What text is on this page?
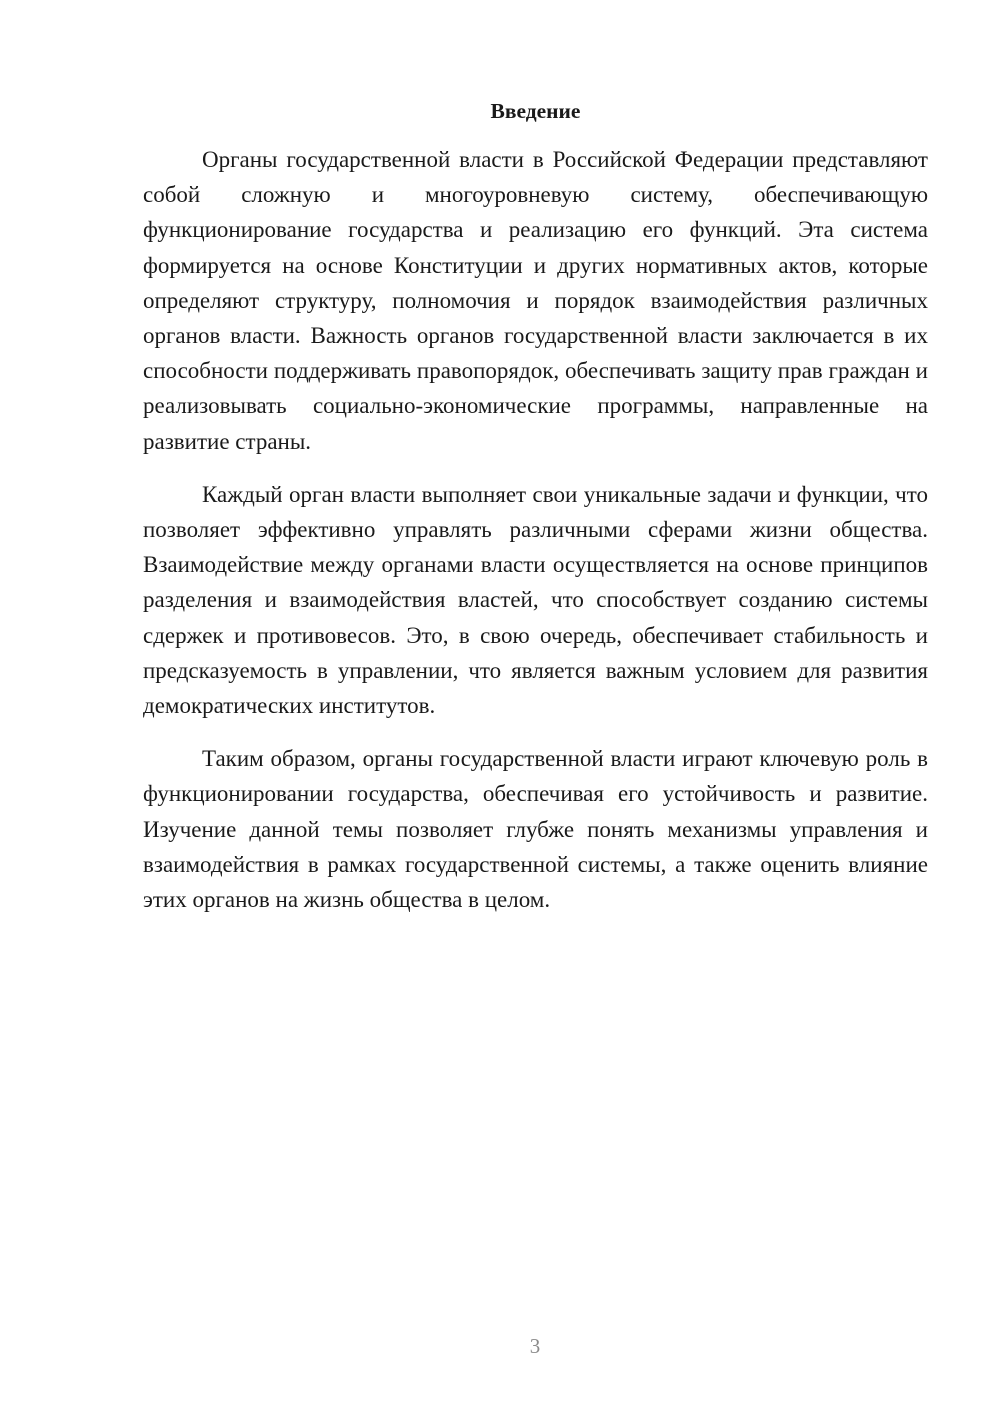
Введение

Органы государственной власти в Российской Федерации представляют собой сложную и многоуровневую систему, обеспечивающую функционирование государства и реализацию его функций. Эта система формируется на основе Конституции и других нормативных актов, которые определяют структуру, полномочия и порядок взаимодействия различных органов власти. Важность органов государственной власти заключается в их способности поддерживать правопорядок, обеспечивать защиту прав граждан и реализовывать социально-экономические программы, направленные на развитие страны.

Каждый орган власти выполняет свои уникальные задачи и функции, что позволяет эффективно управлять различными сферами жизни общества. Взаимодействие между органами власти осуществляется на основе принципов разделения и взаимодействия властей, что способствует созданию системы сдержек и противовесов. Это, в свою очередь, обеспечивает стабильность и предсказуемость в управлении, что является важным условием для развития демократических институтов.

Таким образом, органы государственной власти играют ключевую роль в функционировании государства, обеспечивая его устойчивость и развитие. Изучение данной темы позволяет глубже понять механизмы управления и взаимодействия в рамках государственной системы, а также оценить влияние этих органов на жизнь общества в целом.

3
